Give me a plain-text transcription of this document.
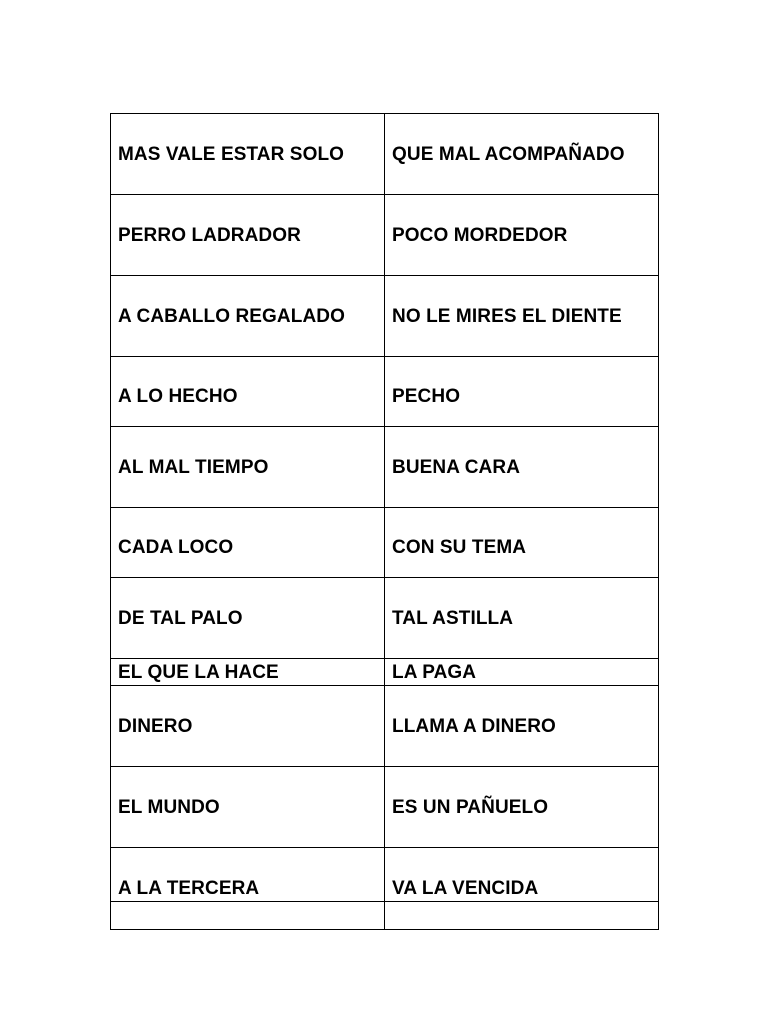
MAS VALE ESTAR SOLO	QUE MAL ACOMPAÑADO

PERRO LADRADOR	POCO MORDEDOR

A CABALLO REGALADO	NO LE MIRES EL DIENTE

A LO HECHO	PECHO

AL MAL TIEMPO	BUENA CARA

CADA LOCO	CON SU TEMA

DE TAL PALO	TAL ASTILLA

EL QUE LA HACE	LA PAGA

DINERO	LLAMA A DINERO

EL MUNDO	ES UN PAÑUELO

A LA TERCERA	VA LA VENCIDA
